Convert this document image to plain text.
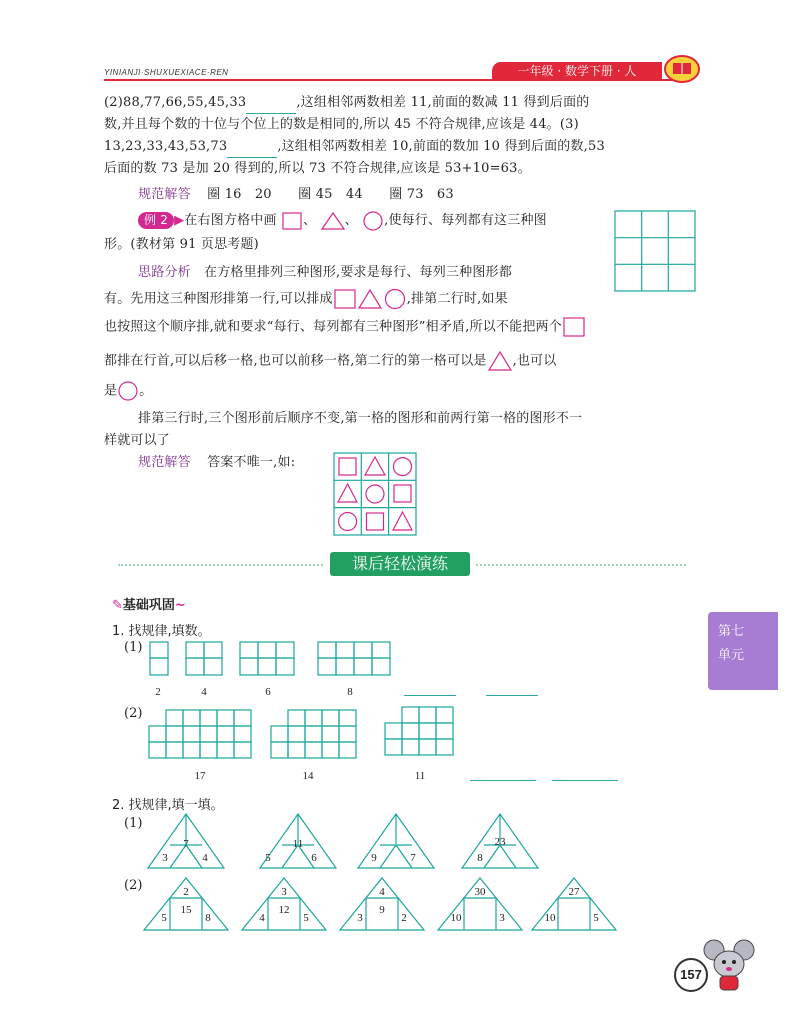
YINIANJI·SHUXUEXIACE·REN	一年级 · 数学下册 · 人
(2)88,77,66,55,45,33	,这组相邻两数相差 11,前面的数减 11 得到后面的
数,并且每个数的十位与个位上的数是相同的,所以 45 不符合规律,应该是 44。(3)
13,23,33,43,53,73	,这组相邻两数相差 10,前面的数加 10 得到后面的数,53
后面的数 73 是加 20 得到的,所以 73 不符合规律,应该是 53+10=63。
规范解答 圈 16　20　　圈 45　44　　圈 73　63
例 2 ▶在右图方格中画 、 、 ,使每行、每列都有这三种图
形。(教材第 91 页思考题)
思路分析　在方格里排列三种图形,要求是每行、每列三种图形都
有。先用这三种图形排第一行,可以排成	,排第二行时,如果
也按照这个顺序排,就和要求“每行、每列都有三种图形”相矛盾,所以不能把两个
都排在行首,可以后移一格,也可以前移一格,第二行的第一格可以是 ,也可以
是 。
排第三行时,三个图形前后顺序不变,第一格的图形和前两行第一格的图形不一
样就可以了
规范解答 答案不唯一,如:
课后轻松演练
✎基础巩固~
1. 找规律,填数。
(1)
2	4	6	8
(2)
17	14	11
2. 找规律,填一填。
(1)
7
3	4
11
5	6	9	7
23
8
(2)	2
15
5	8
3
12
4	5
4
9
3	2
30
10	3
27
10	5
第七
单元
157
